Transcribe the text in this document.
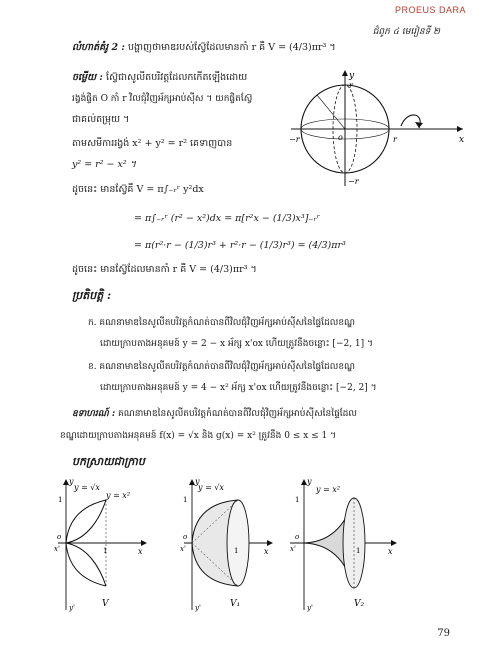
PROEUS DARA
ជំពូក ៤ មេរៀនទី ២
លំហាត់គំរូ 2 : បង្ហាញថាមាឌរបស់ស្វ៊ែដែលមានកាំ r គឺ V = (4/3)πr³ ។
ចម្លើយ : ស្វ៊ែជាសូលីតបរិវត្តដែលកកើតឡើងដោយ
រង្វង់ផ្ចិត O កាំ r វិលជុំវិញអ័ក្សអាប់ស៊ីស ។ យកផ្ចិតស្វ៊ែ
ជាគល់តម្រុយ ។
តាមសមីការរង្វង់ x² + y² = r² គេទាញបាន
y² = r² − x² ។
ដូចនេះ មានស្វ៊ែគឺ V = π∫₋ᵣʳ y²dx
= π∫₋ᵣʳ (r² − x²)dx = π[r²x − (1/3)x³]₋ᵣʳ
= π(r²·r − (1/3)r³ + r²·r − (1/3)r³) = (4/3)πr³
ដូចនេះ មានស្វ៊ែដែលមានកាំ r គឺ V = (4/3)πr³ ។
y
r
x
−r	r
o
−r
ប្រតិបត្តិ :
ក. គណនាមាឌនៃសូលីតបរិវត្តកំណត់បានពីវិលជុំវិញអ័ក្សអាប់ស៊ីសនៃផ្ទៃដែលខណ្ឌ
ដោយក្រាបតាងអនុគមន៍ y = 2 − x អ័ក្ស x'ox ហើយត្រូវនឹងចន្លោះ [−2, 1] ។
ខ. គណនាមាឌនៃសូលីតបរិវត្តកំណត់បានពីវិលជុំវិញអ័ក្សអាប់ស៊ីសនៃផ្ទៃដែលខណ្ឌ
ដោយក្រាបតាងអនុគមន៍ y = 4 − x² អ័ក្ស x'ox ហើយត្រូវនឹងចន្លោះ [−2, 2] ។
ឧទាហរណ៍ : គណនាមាឌនៃសូលីតបរិវត្តកំណត់បានពីវិលជុំវិញអ័ក្សអាប់ស៊ីសនៃផ្ទៃដែល
ខណ្ឌដោយក្រាបតាងអនុគមន៍ f(x) = √x និង g(x) = x² ត្រូវនឹង 0 ≤ x ≤ 1 ។
បកស្រាយជាក្រាប
y = √x
y = x²
1
1
o
x'	x
y
y'	V
y = √x
1
1
o
x'	x
y
y'	V₁
y = x²
1
1
o
x'	x
y
y'	V₂
79
